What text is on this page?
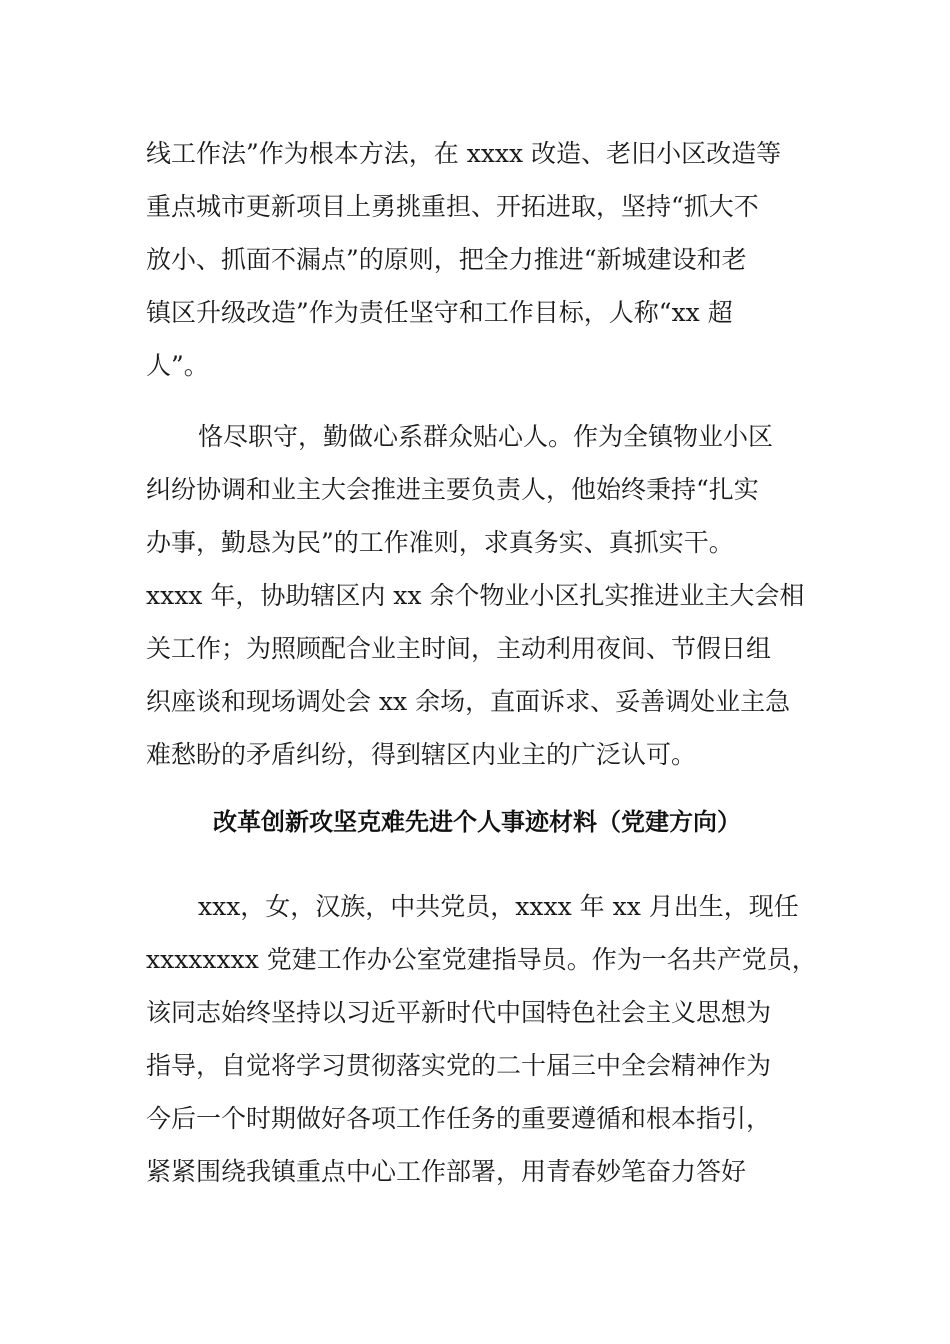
线工作法”作为根本方法，在 xxxx 改造、老旧小区改造等
重点城市更新项目上勇挑重担、开拓进取，坚持“抓大不
放小、抓面不漏点”的原则，把全力推进“新城建设和老
镇区升级改造”作为责任坚守和工作目标，人称“xx 超
人”。
恪尽职守，勤做心系群众贴心人。作为全镇物业小区
纠纷协调和业主大会推进主要负责人，他始终秉持“扎实
办事，勤恳为民”的工作准则，求真务实、真抓实干。
xxxx 年，协助辖区内 xx 余个物业小区扎实推进业主大会相
关工作；为照顾配合业主时间，主动利用夜间、节假日组
织座谈和现场调处会 xx 余场，直面诉求、妥善调处业主急
难愁盼的矛盾纠纷，得到辖区内业主的广泛认可。
改革创新攻坚克难先进个人事迹材料（党建方向）
xxx，女，汉族，中共党员，xxxx 年 xx 月出生，现任
xxxxxxxx 党建工作办公室党建指导员。作为一名共产党员，
该同志始终坚持以习近平新时代中国特色社会主义思想为
指导，自觉将学习贯彻落实党的二十届三中全会精神作为
今后一个时期做好各项工作任务的重要遵循和根本指引，
紧紧围绕我镇重点中心工作部署，用青春妙笔奋力答好
